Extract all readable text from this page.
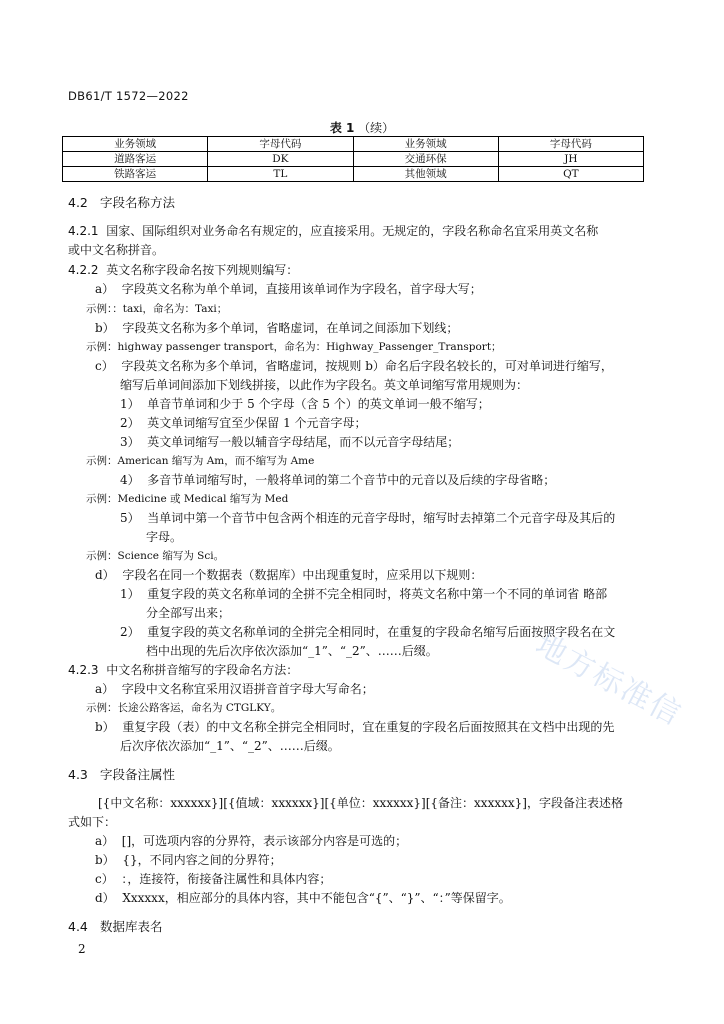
DB61/T 1572—2022
表 1 （续）
业务领域	字母代码	业务领域	字母代码
道路客运	DK	交通环保	JH
铁路客运	TL	其他领域	QT
4.2 字段名称方法
4.2.1 国家、国际组织对业务命名有规定的，应直接采用。无规定的，字段名称命名宜采用英文名称
或中文名称拼音。
4.2.2 英文名称字段命名按下列规则编写：
a） 字段英文名称为单个单词，直接用该单词作为字段名，首字母大写；
示例：：taxi，命名为：Taxi；
b） 字段英文名称为多个单词，省略虚词，在单词之间添加下划线；
示例：highway passenger transport，命名为：Highway_Passenger_Transport；
c） 字段英文名称为多个单词，省略虚词，按规则 b）命名后字段名较长的，可对单词进行缩写，
缩写后单词间添加下划线拼接，以此作为字段名。英文单词缩写常用规则为：
1） 单音节单词和少于 5 个字母（含 5 个）的英文单词一般不缩写；
2） 英文单词缩写宜至少保留 1 个元音字母；
3） 英文单词缩写一般以辅音字母结尾，而不以元音字母结尾；
示例：American 缩写为 Am，而不缩写为 Ame
4） 多音节单词缩写时，一般将单词的第二个音节中的元音以及后续的字母省略；
示例：Medicine 或 Medical 缩写为 Med
5） 当单词中第一个音节中包含两个相连的元音字母时，缩写时去掉第二个元音字母及其后的
字母。
示例：Science 缩写为 Sci。
d） 字段名在同一个数据表（数据库）中出现重复时，应采用以下规则：
1） 重复字段的英文名称单词的全拼不完全相同时，将英文名称中第一个不同的单词省 略部
分全部写出来；
2） 重复字段的英文名称单词的全拼完全相同时，在重复的字段命名缩写后面按照字段名在文
档中出现的先后次序依次添加“_1”、“_2”、……后缀。
4.2.3 中文名称拼音缩写的字段命名方法：
a） 字段中文名称宜采用汉语拼音首字母大写命名；
示例：长途公路客运，命名为 CTGLKY。
b） 重复字段（表）的中文名称全拼完全相同时，宜在重复的字段名后面按照其在文档中出现的先
后次序依次添加“_1”、“_2”、……后缀。
4.3 字段备注属性
[{中文名称：xxxxxx}][{值域：xxxxxx}][{单位：xxxxxx}][{备注：xxxxxx}]，字段备注表述格
式如下：
a） []，可选项内容的分界符，表示该部分内容是可选的；
b） {}，不同内容之间的分界符；
c） ：，连接符，衔接备注属性和具体内容；
d） Xxxxxx，相应部分的具体内容，其中不能包含“{”、“}”、“：”等保留字。
4.4 数据库表名
2
地方标准信
